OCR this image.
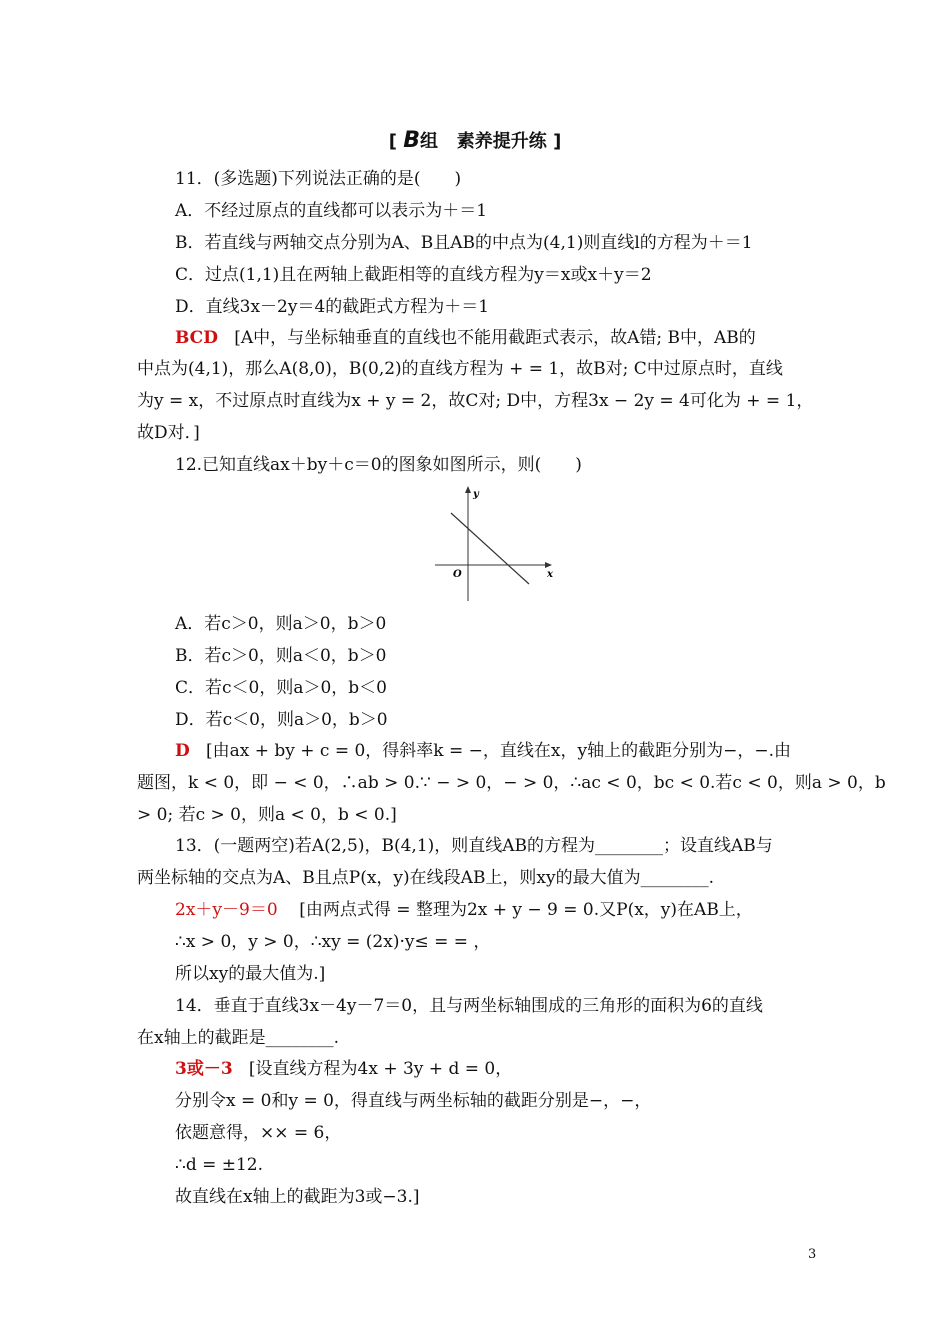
[ B组 素养提升练 ]
11．(多选题)下列说法正确的是(　　)
A．不经过原点的直线都可以表示为＋＝1
B．若直线与两轴交点分别为A、B且AB的中点为(4,1)则直线l的方程为＋＝1
C．过点(1,1)且在两轴上截距相等的直线方程为y＝x或x＋y＝2
D．直线3x－2y＝4的截距式方程为＋＝1
BCD [A中，与坐标轴垂直的直线也不能用截距式表示，故A错; B中，AB的
中点为(4,1)，那么A(8,0)，B(0,2)的直线方程为 + = 1，故B对; C中过原点时，直线
为y = x，不过原点时直线为x + y = 2，故C对; D中，方程3x − 2y = 4可化为 + = 1，
故D对．]
12.已知直线ax＋by＋c＝0的图象如图所示，则(　　)
y
x
O
A．若c＞0，则a＞0，b＞0
B．若c＞0，则a＜0，b＞0
C．若c＜0，则a＞0，b＜0
D．若c＜0，则a＞0，b＞0
D [由ax + by + c = 0，得斜率k = −，直线在x，y轴上的截距分别为−，−.由
题图，k < 0，即 − < 0，∴ab > 0.∵ − > 0，− > 0，∴ac < 0，bc < 0.若c < 0，则a > 0，b
> 0; 若c > 0，则a < 0，b < 0.]
13．(一题两空)若A(2,5)，B(4,1)，则直线AB的方程为________；设直线AB与
两坐标轴的交点为A、B且点P(x，y)在线段AB上，则xy的最大值为________.
2x＋y－9＝0 [由两点式得 = 整理为2x + y − 9 = 0.又P(x，y)在AB上，
∴x > 0，y > 0，∴xy = (2x)·y≤ = = ，
所以xy的最大值为.]
14．垂直于直线3x－4y－7＝0，且与两坐标轴围成的三角形的面积为6的直线
在x轴上的截距是________.
3或－3 [设直线方程为4x + 3y + d = 0，
分别令x = 0和y = 0，得直线与两坐标轴的截距分别是−，−，
依题意得，×× = 6，
∴d = ±12.
故直线在x轴上的截距为3或−3.]
3
